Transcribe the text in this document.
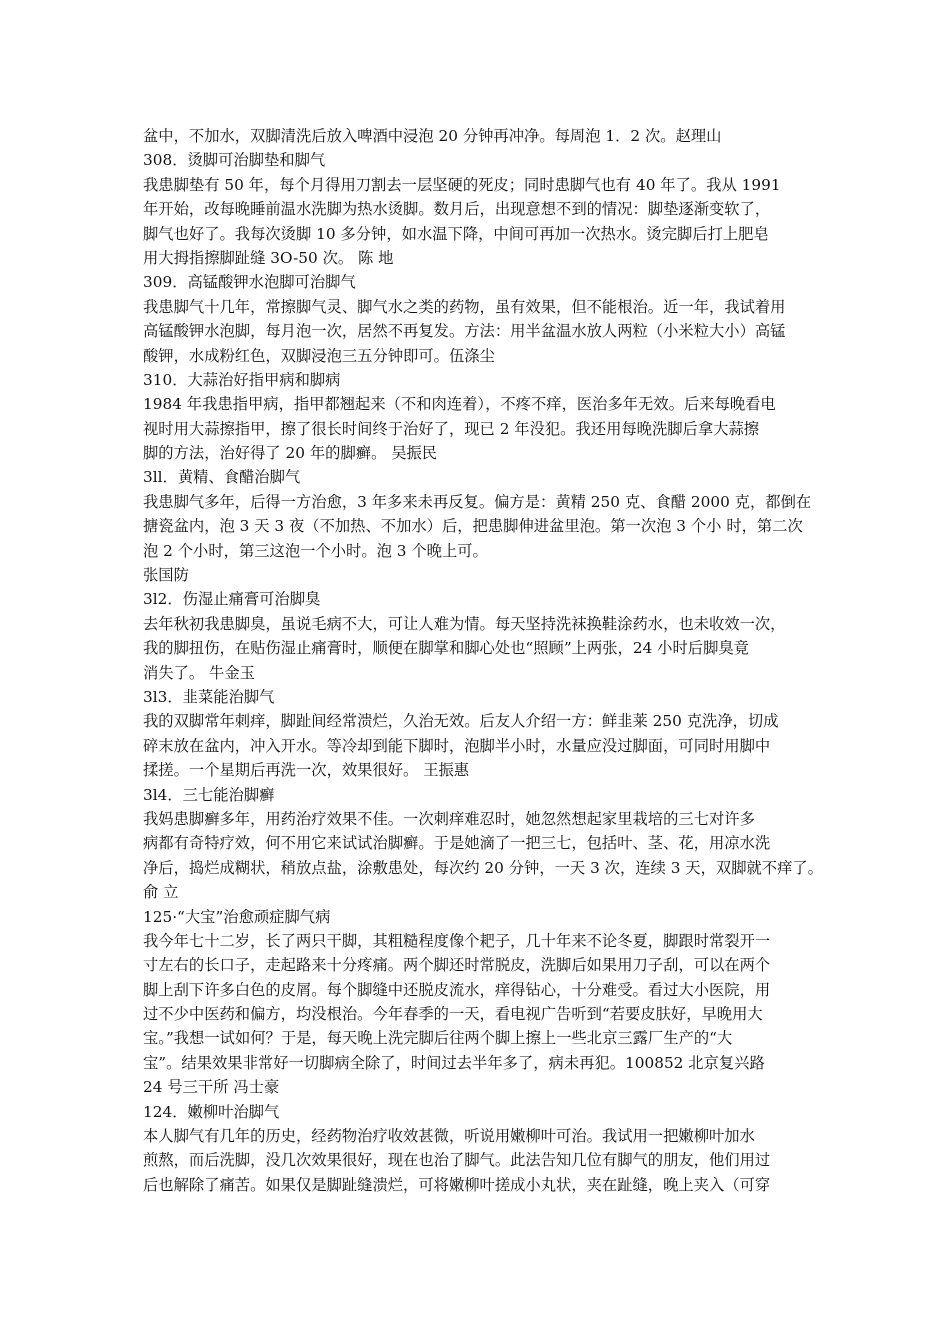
盆中，不加水，双脚清洗后放入啤酒中浸泡 20 分钟再冲净。每周泡 1．2 次。赵理山
308．烫脚可治脚垫和脚气
我患脚垫有 50 年，每个月得用刀割去一层坚硬的死皮；同时患脚气也有 40 年了。我从 1991
年开始，改每晚睡前温水洗脚为热水烫脚。数月后，出现意想不到的情况：脚垫逐渐变软了，
脚气也好了。我每次烫脚 10 多分钟，如水温下降，中间可再加一次热水。烫完脚后打上肥皂
用大拇指擦脚趾缝 3O-50 次。 陈 地
309．高锰酸钾水泡脚可治脚气
我患脚气十几年，常擦脚气灵、脚气水之类的药物，虽有效果，但不能根治。近一年，我试着用
高锰酸钾水泡脚，每月泡一次，居然不再复发。方法：用半盆温水放人两粒（小米粒大小）高锰
酸钾，水成粉红色，双脚浸泡三五分钟即可。伍涤尘
310．大蒜治好指甲病和脚病
1984 年我患指甲病，指甲都翘起来（不和肉连着），不疼不痒，医治多年无效。后来每晚看电
视时用大蒜擦指甲，擦了很长时间终于治好了，现已 2 年没犯。我还用每晚洗脚后拿大蒜擦
脚的方法，治好得了 20 年的脚癣。 吴振民
3ll．黄精、食醋治脚气
我患脚气多年，后得一方治愈，3 年多来未再反复。偏方是：黄精 250 克、食醋 2000 克，都倒在
搪瓷盆内，泡 3 天 3 夜（不加热、不加水）后，把患脚伸进盆里泡。第一次泡 3 个小 时，第二次
泡 2 个小时，第三这泡一个小时。泡 3 个晚上可。
张国防
3l2．伤湿止痛膏可治脚臭
去年秋初我患脚臭，虽说毛病不大，可让人难为情。每天坚持洗袜换鞋涂药水，也未收效一次，
我的脚扭伤，在贴伤湿止痛膏时，顺便在脚掌和脚心处也“照顾”上两张，24 小时后脚臭竟
消失了。 牛金玉
3l3．韭菜能治脚气
我的双脚常年刺痒，脚趾间经常溃烂，久治无效。后友人介绍一方：鲜韭莱 250 克洗净，切成
碎末放在盆内，冲入开水。等冷却到能下脚时，泡脚半小时，水量应没过脚面，可同时用脚中
揉搓。一个星期后再洗一次，效果很好。 王振惠
3l4．三七能治脚癣
我妈患脚癣多年，用药治疗效果不佳。一次刺痒难忍时，她忽然想起家里栽培的三七对许多
病都有奇特疗效，何不用它来试试治脚癣。于是她滴了一把三七，包括叶、茎、花，用凉水洗
净后，捣烂成糊状，稍放点盐，涂敷患处，每次约 20 分钟，一天 3 次，连续 3 天，双脚就不痒了。
俞 立
125·“大宝”治愈顽症脚气病
我今年七十二岁，长了两只干脚，其粗糙程度像个耙子，几十年来不论冬夏，脚跟时常裂开一
寸左右的长口子，走起路来十分疼痛。两个脚还时常脱皮，洗脚后如果用刀子刮，可以在两个
脚上刮下许多白色的皮屑。每个脚缝中还脱皮流水，痒得钻心，十分难受。看过大小医院，用
过不少中医药和偏方，均没根治。今年春季的一天，看电视广告听到“若要皮肤好，早晚用大
宝。”我想一试如何？于是，每天晚上洗完脚后往两个脚上擦上一些北京三露厂生产的“大
宝”。结果效果非常好一切脚病全除了，时间过去半年多了，病未再犯。100852 北京复兴路
24 号三干所 冯士豪
124．嫩柳叶治脚气
本人脚气有几年的历史，经药物治疗收效甚微，听说用嫩柳叶可治。我试用一把嫩柳叶加水
煎熬，而后洗脚，没几次效果很好，现在也治了脚气。此法告知几位有脚气的朋友，他们用过
后也解除了痛苦。如果仅是脚趾缝溃烂，可将嫩柳叶搓成小丸状，夹在趾缝，晚上夹入（可穿
